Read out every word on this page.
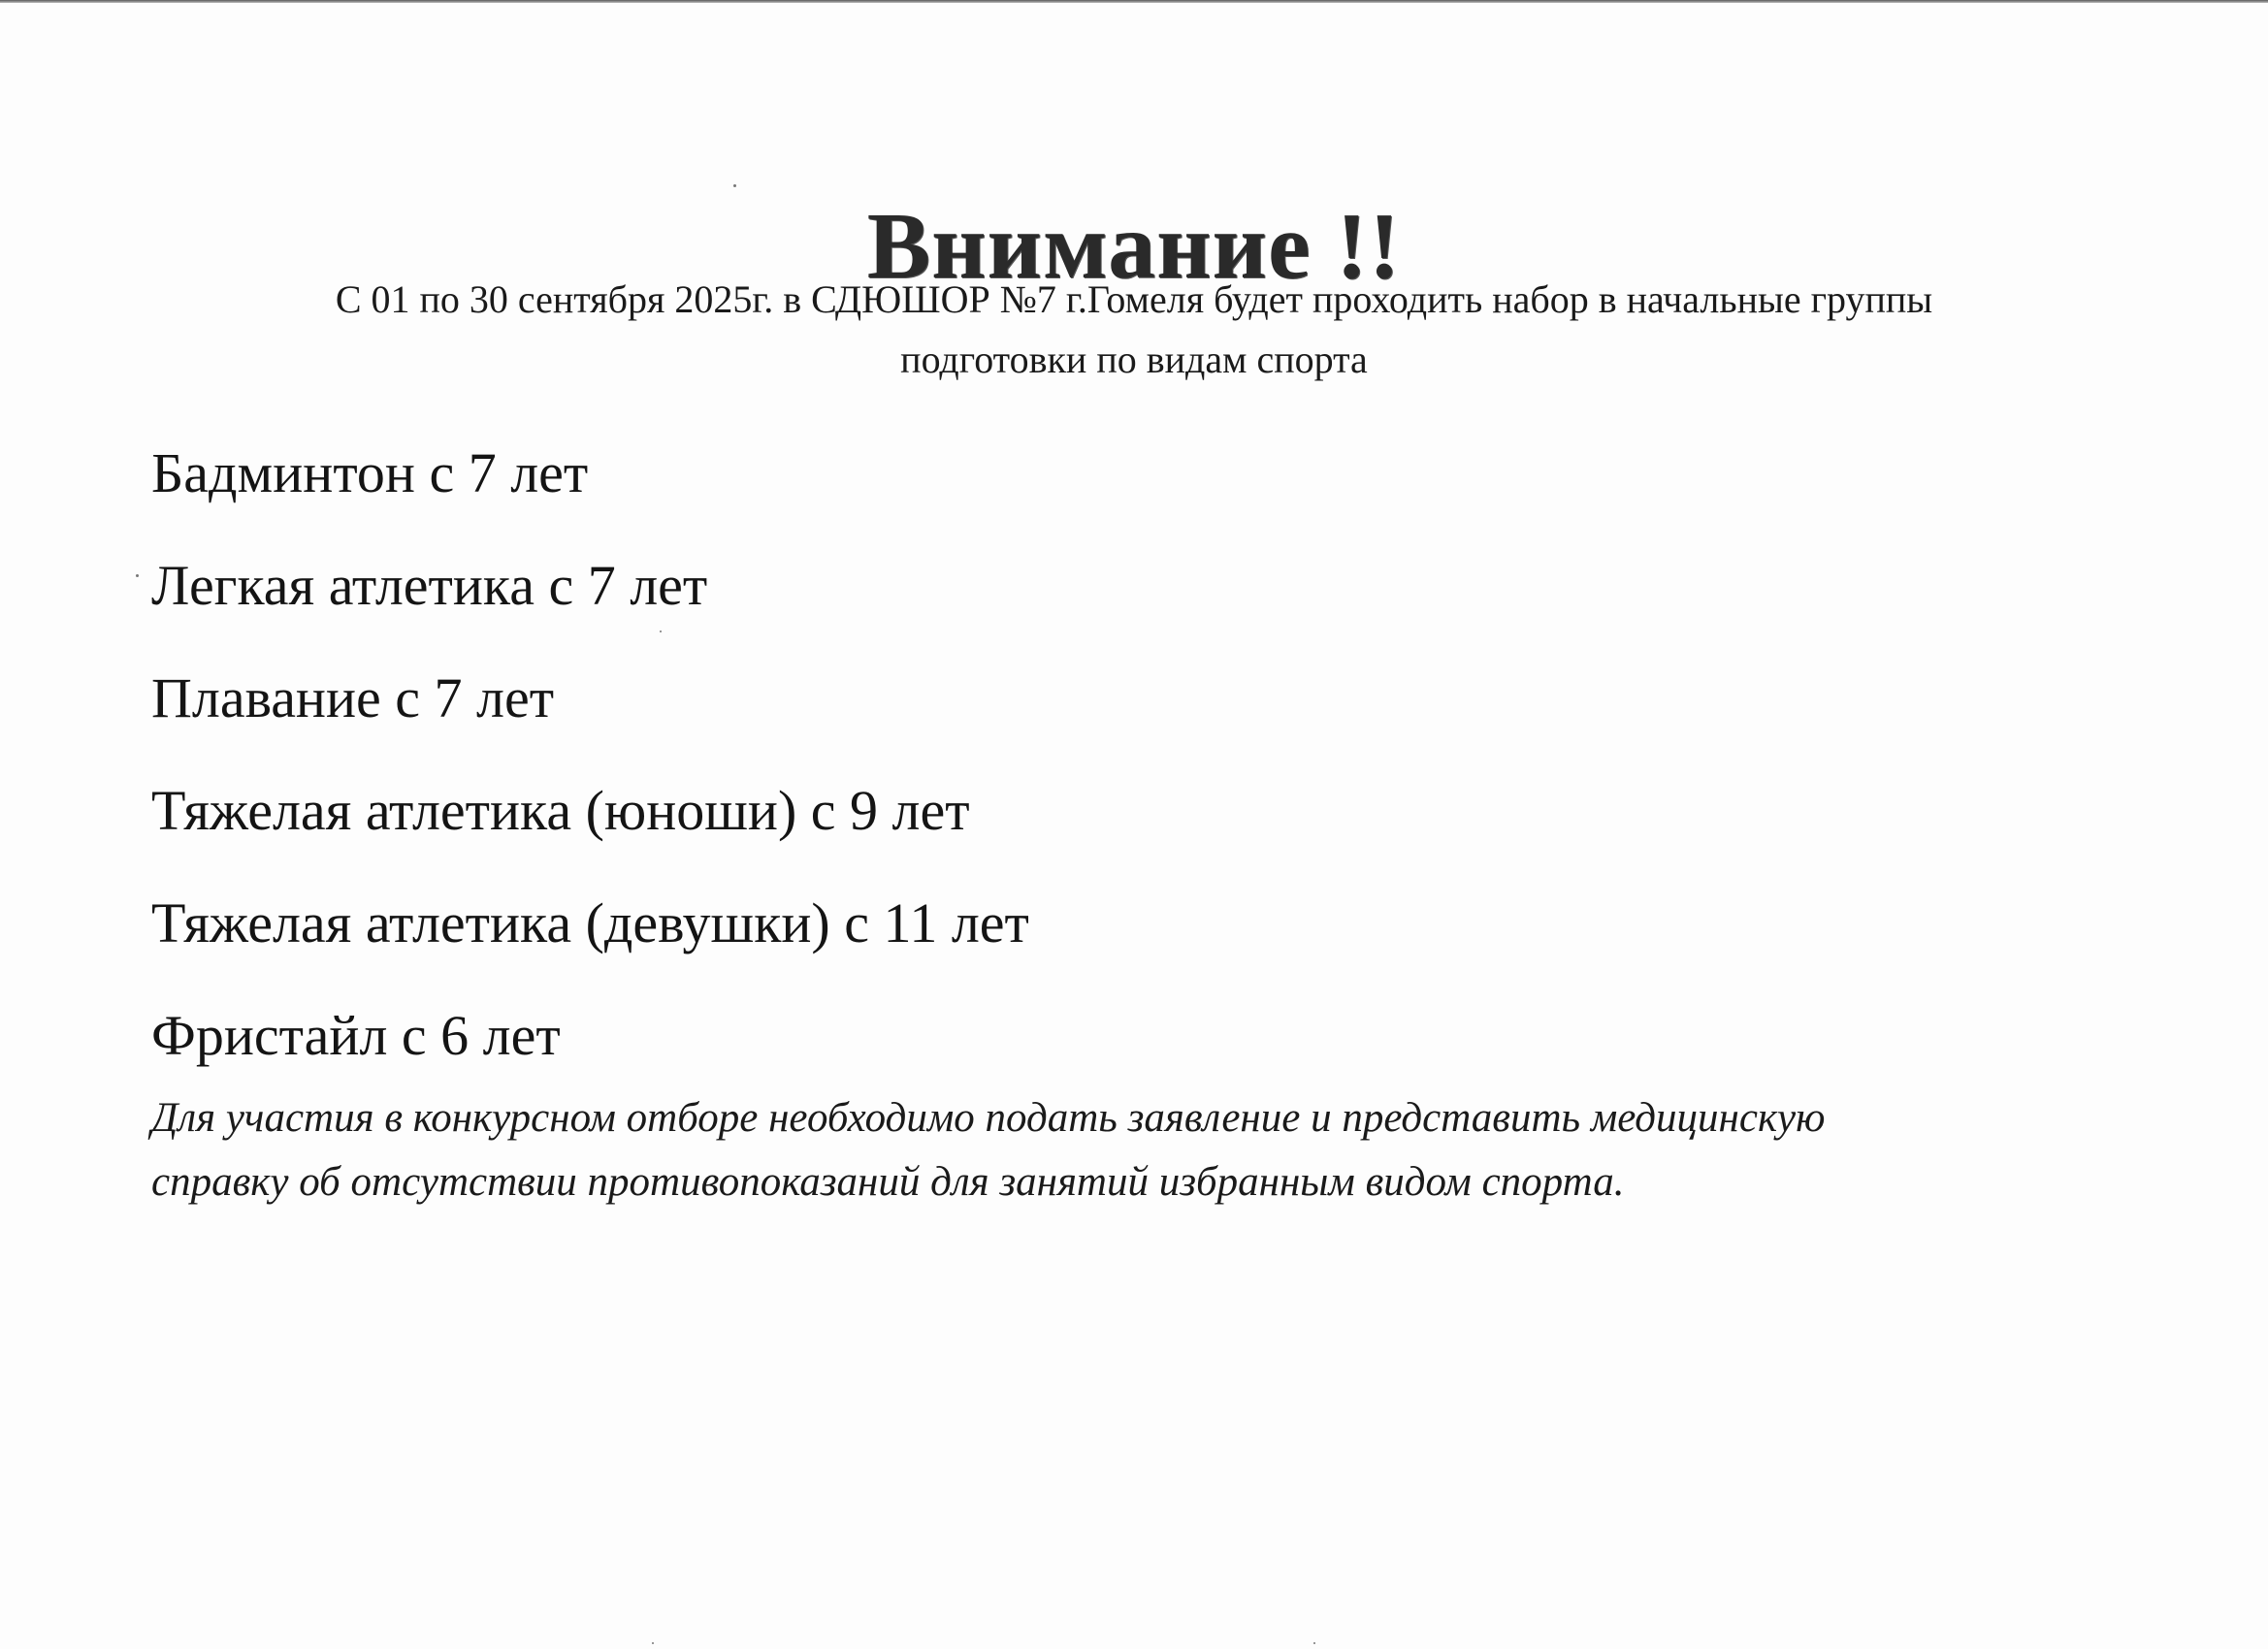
Внимание !!
С 01 по 30 сентября 2025г. в СДЮШОР №7 г.Гомеля будет проходить набор в начальные группы
подготовки по видам спорта
Бадминтон с 7 лет
Легкая атлетика с 7 лет
Плавание с 7 лет
Тяжелая атлетика (юноши) с 9 лет
Тяжелая атлетика (девушки) с 11 лет
Фристайл с 6 лет
Для участия в конкурсном отборе необходимо подать заявление и представить медицинскую
справку об отсутствии противопоказаний для занятий избранным видом спорта.
